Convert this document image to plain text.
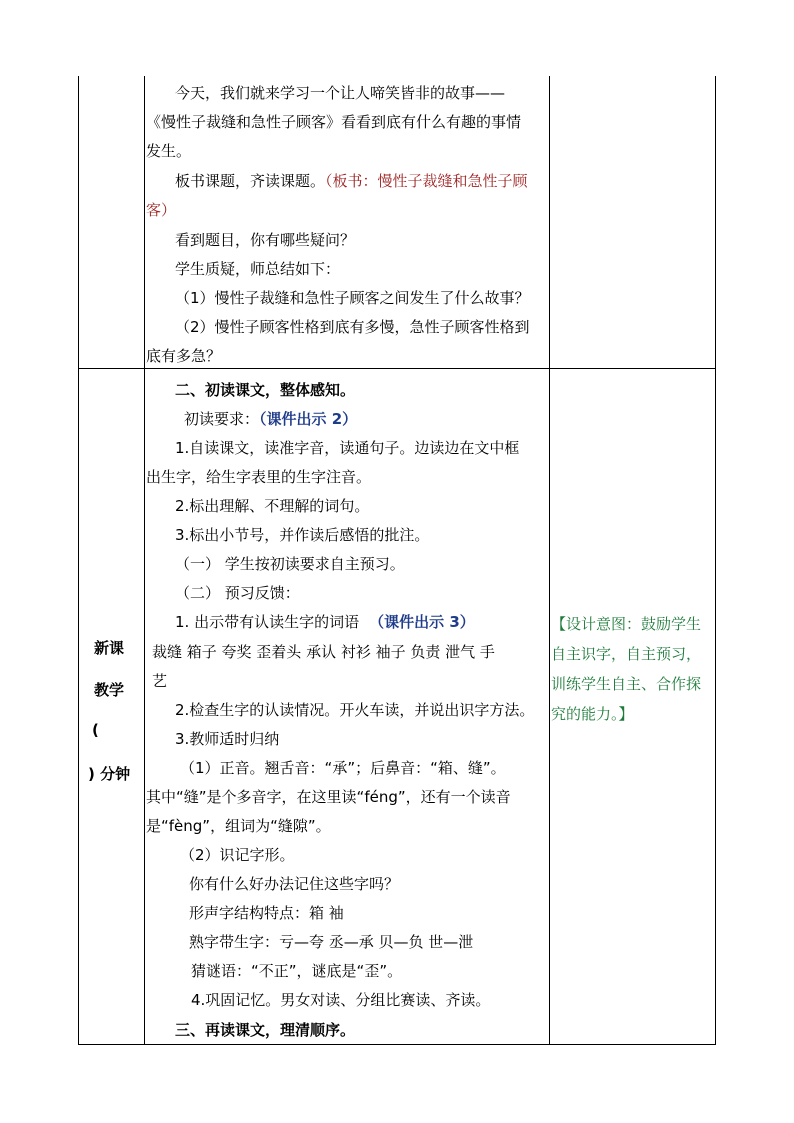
今天，我们就来学习一个让人啼笑皆非的故事——
《慢性子裁缝和急性子顾客》看看到底有什么有趣的事情
发生。
板书课题，齐读课题。（板书：慢性子裁缝和急性子顾
客）
看到题目，你有哪些疑问？
学生质疑，师总结如下：
（1）慢性子裁缝和急性子顾客之间发生了什么故事？
（2）慢性子顾客性格到底有多慢，急性子顾客性格到
底有多急？
新课
教学
(
) 分钟
二、初读课文，整体感知。
初读要求：（课件出示 2）
1.自读课文，读准字音，读通句子。边读边在文中框
出生字，给生字表里的生字注音。
2.标出理解、不理解的词句。
3.标出小节号，并作读后感悟的批注。
（一） 学生按初读要求自主预习。
（二） 预习反馈：
1. 出示带有认读生字的词语 （课件出示 3）
裁缝 箱子 夸奖 歪着头 承认 衬衫 袖子 负责 泄气 手
艺
2.检查生字的认读情况。开火车读，并说出识字方法。
3.教师适时归纳
（1）正音。翘舌音：“承”；后鼻音：“箱、缝”。
其中“缝”是个多音字，在这里读“féng”，还有一个读音
是“fèng”，组词为“缝隙”。
（2）识记字形。
你有什么好办法记住这些字吗？
形声字结构特点：箱 袖
熟字带生字：亏—夸 丞—承 贝—负 世—泄
猜谜语：“不正”，谜底是“歪”。
4.巩固记忆。男女对读、分组比赛读、齐读。
三、再读课文，理清顺序。
【设计意图：鼓励学生
自主识字，自主预习，
训练学生自主、合作探
究的能力。】
